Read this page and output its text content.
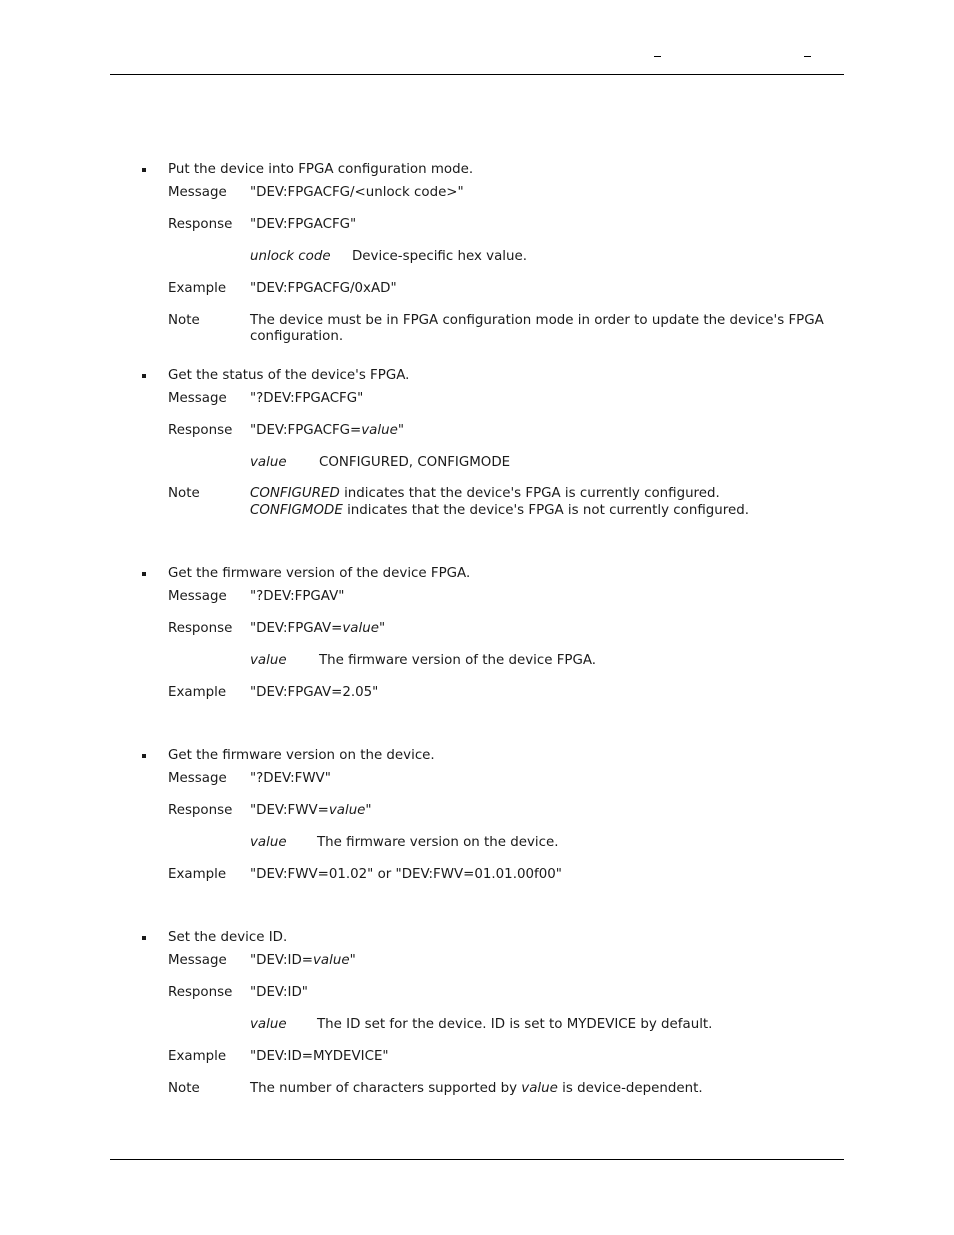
Put the device into FPGA configuration mode.
Message "DEV:FPGACFG/<unlock code>"
Response "DEV:FPGACFG"
unlock code Device-specific hex value.
Example "DEV:FPGACFG/0xAD"
Note	The device must be in FPGA configuration mode in order to update the device's FPGA configuration.
Get the status of the device's FPGA.
Message "?DEV:FPGACFG"
Response "DEV:FPGACFG=value"
value CONFIGURED, CONFIGMODE
Note	CONFIGURED indicates that the device's FPGA is currently configured.
CONFIGMODE indicates that the device's FPGA is not currently configured.
Get the firmware version of the device FPGA.
Message "?DEV:FPGAV"
Response "DEV:FPGAV=value"
value The firmware version of the device FPGA.
Example "DEV:FPGAV=2.05"
Get the firmware version on the device.
Message "?DEV:FWV"
Response "DEV:FWV=value"
value The firmware version on the device.
Example "DEV:FWV=01.02" or "DEV:FWV=01.01.00f00"
Set the device ID.
Message "DEV:ID=value"
Response "DEV:ID"
value The ID set for the device. ID is set to MYDEVICE by default.
Example "DEV:ID=MYDEVICE"
Note	The number of characters supported by value is device-dependent.
